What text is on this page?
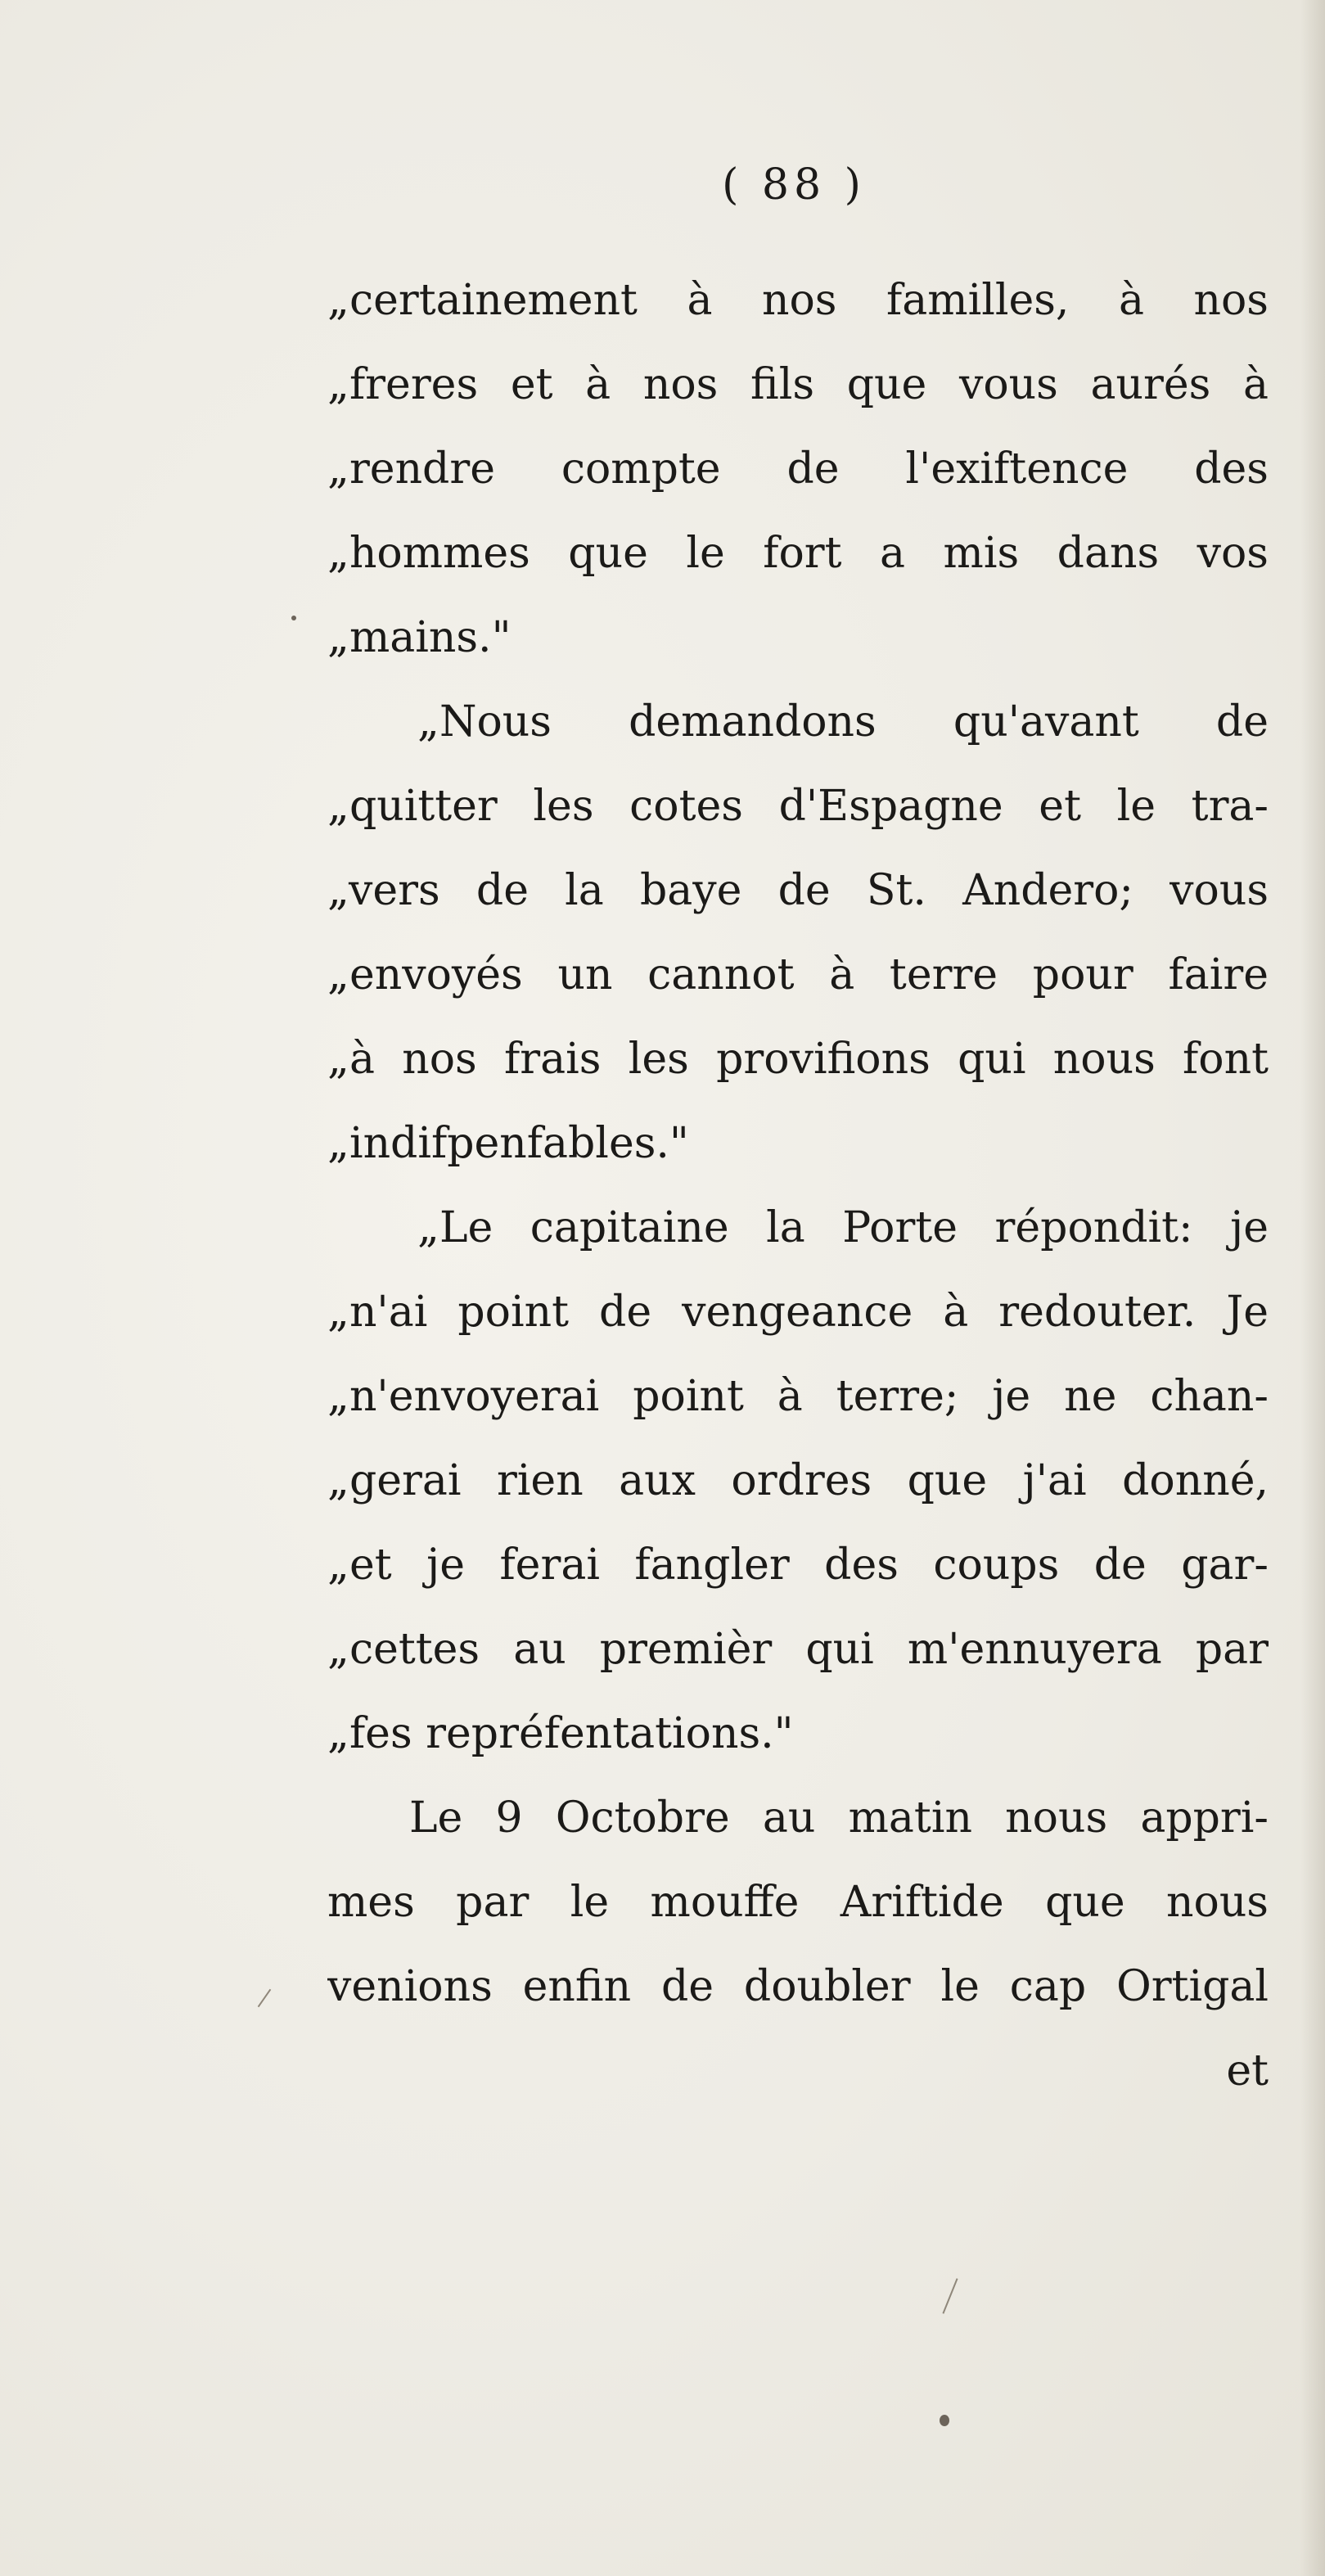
( 88 )
„certainement à nos familles, à nos
„freres et à nos fils que vous aurés à
„rendre compte de l'exiftence des
„hommes que le fort a mis dans vos
„mains."
„Nous demandons qu'avant de
„quitter les cotes d'Espagne et le tra-
„vers de la baye de St. Andero; vous
„envoyés un cannot à terre pour faire
„à nos frais les provifions qui nous font
„indifpenfables."
„Le capitaine la Porte répondit: je
„n'ai point de vengeance à redouter. Je
„n'envoyerai point à terre; je ne chan-
„gerai rien aux ordres que j'ai donné,
„et je ferai fangler des coups de gar-
„cettes au premièr qui m'ennuyera par
„fes repréfentations."
Le 9 Octobre au matin nous appri-
mes par le mouffe Ariftide que nous
venions enfin de doubler le cap Ortigal
et
